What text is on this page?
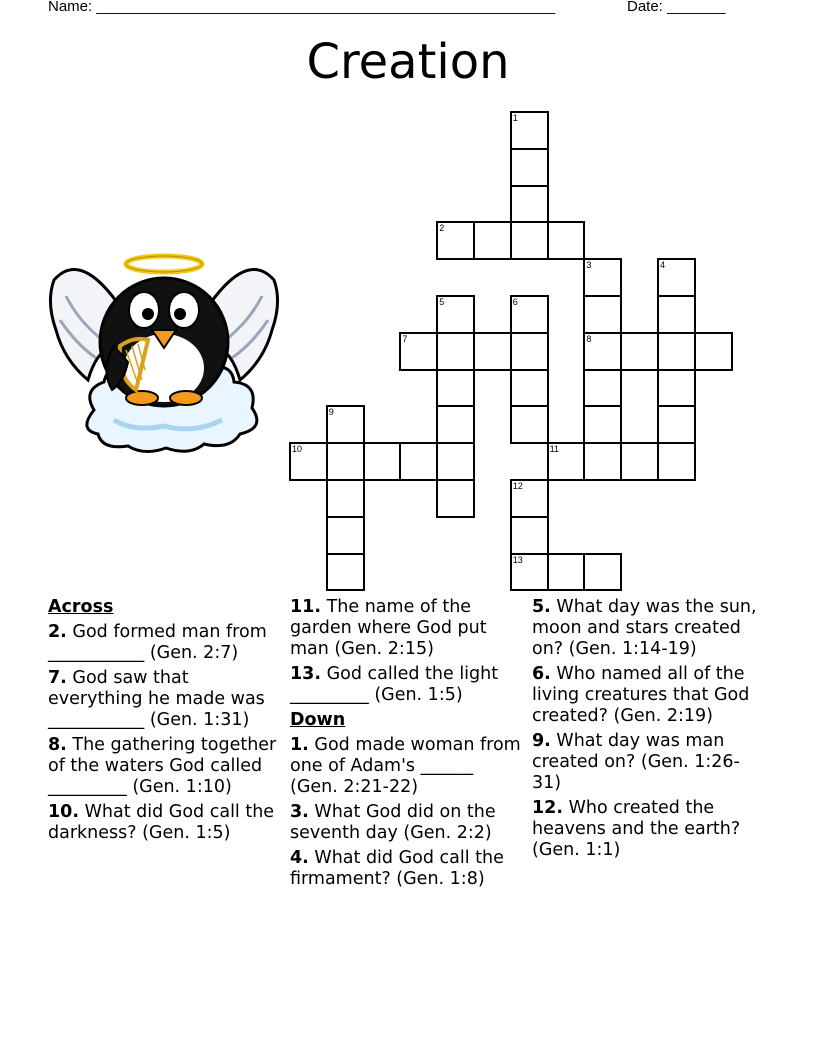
Name: _______________________________________________________	Date: _______
Creation
1
2
3	4
5	6
7	8
9
10	11
12
13
Across
2. God formed man from ___________ (Gen. 2:7)
7. God saw that everything he made was ___________ (Gen. 1:31)
8. The gathering together of the waters God called _________ (Gen. 1:10)
10. What did God call the darkness? (Gen. 1:5)
11. The name of the garden where God put man (Gen. 2:15)
13. God called the light _________ (Gen. 1:5)
Down
1. God made woman from one of Adam's ______ (Gen. 2:21-22)
3. What God did on the seventh day (Gen. 2:2)
4. What did God call the firmament? (Gen. 1:8)
5. What day was the sun, moon and stars created on? (Gen. 1:14-19)
6. Who named all of the living creatures that God created? (Gen. 2:19)
9. What day was man created on? (Gen. 1:26-31)
12. Who created the heavens and the earth? (Gen. 1:1)
